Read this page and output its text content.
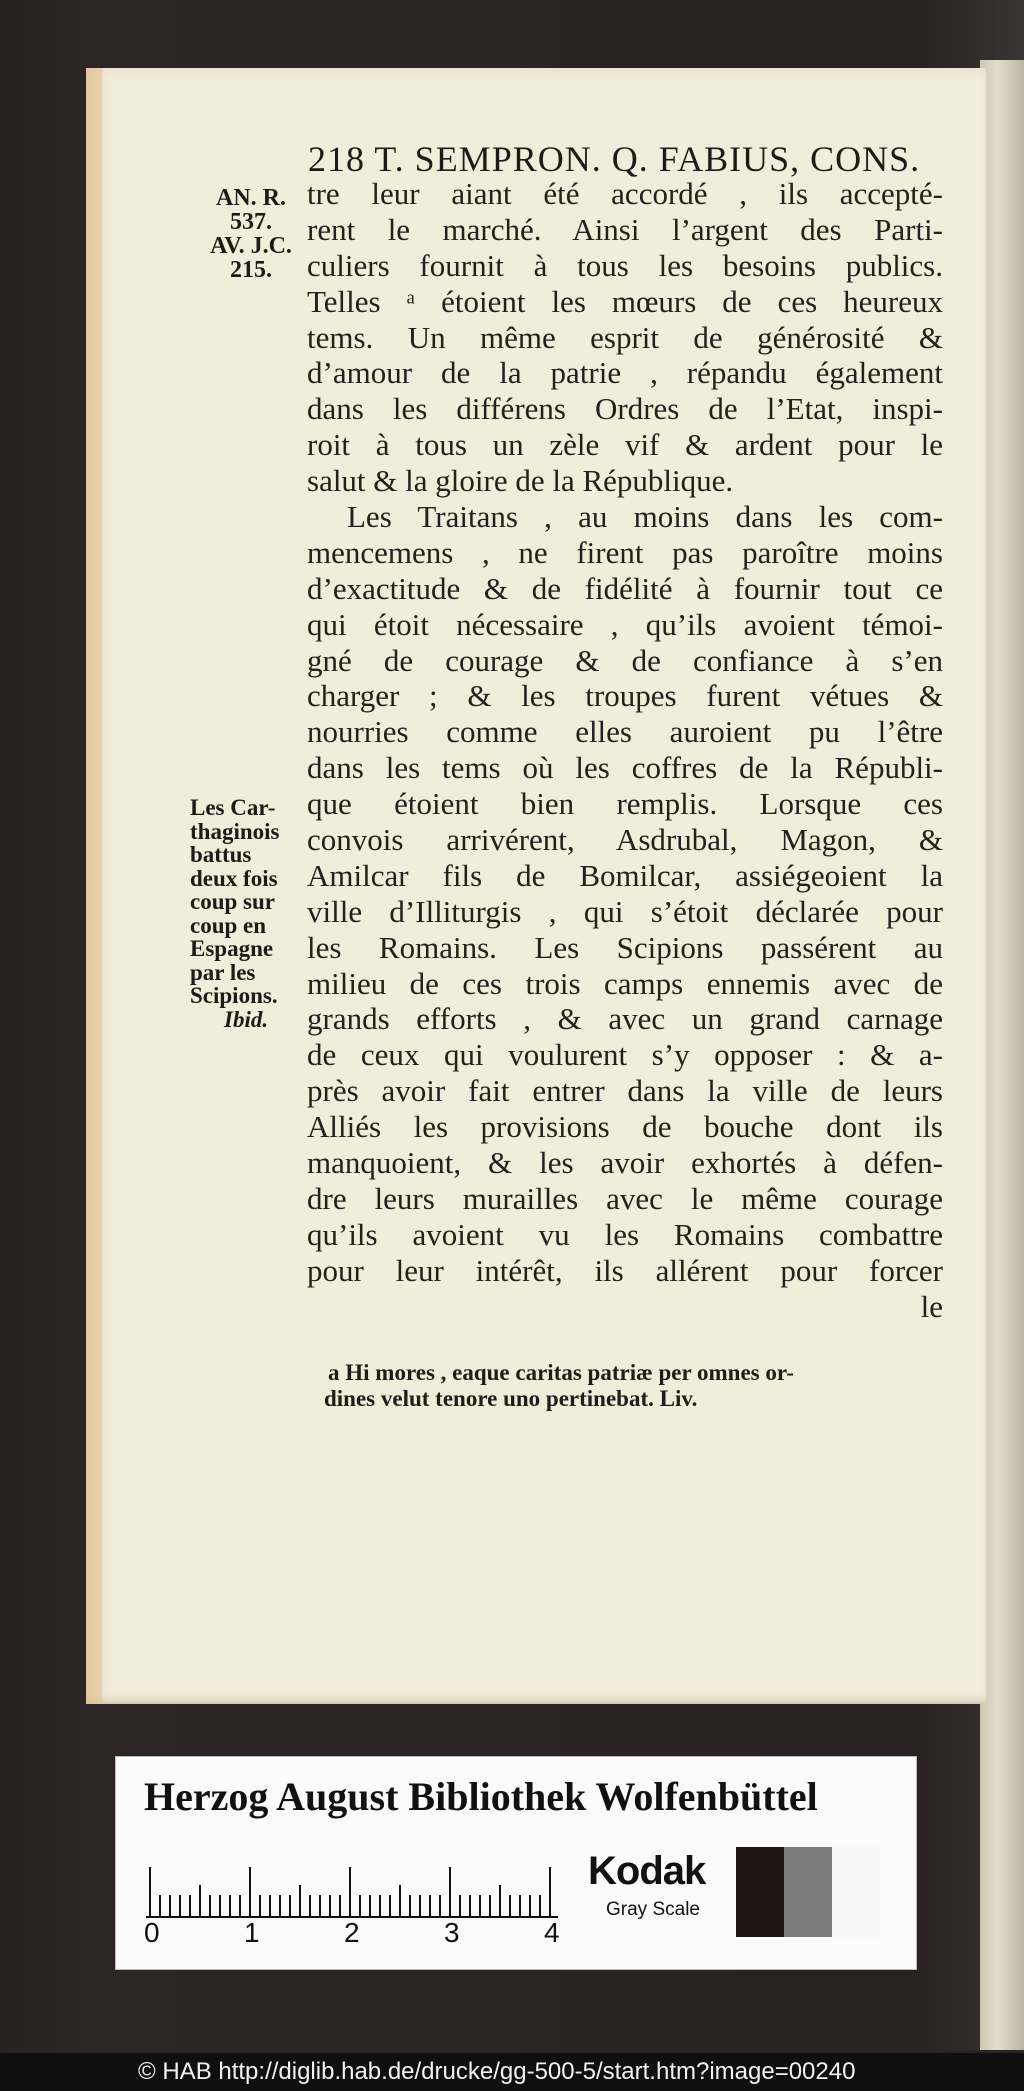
218 T. SEMPRON. Q. FABIUS, CONS.
AN. R.
537.
AV. J.C.
215.
tre leur aiant été accordé , ils accepté-
rent le marché. Ainsi l’argent des Parti-
culiers fournit à tous les besoins publics.
Telles ᵃ étoient les mœurs de ces heureux
tems. Un même esprit de générosité &
d’amour de la patrie , répandu également
dans les différens Ordres de l’Etat, inspi-
roit à tous un zèle vif & ardent pour le
salut & la gloire de la République.
Les Traitans , au moins dans les com-
mencemens , ne firent pas paroître moins
d’exactitude & de fidélité à fournir tout ce
qui étoit nécessaire , qu’ils avoient témoi-
gné de courage & de confiance à s’en
charger ; & les troupes furent vétues &
nourries comme elles auroient pu l’être
dans les tems où les coffres de la Républi-
que étoient bien remplis. Lorsque ces
convois arrivérent, Asdrubal, Magon, &
Amilcar fils de Bomilcar, assiégeoient la
ville d’Illiturgis , qui s’étoit déclarée pour
les Romains. Les Scipions passérent au
milieu de ces trois camps ennemis avec de
grands efforts , & avec un grand carnage
de ceux qui voulurent s’y opposer : & a-
près avoir fait entrer dans la ville de leurs
Alliés les provisions de bouche dont ils
manquoient, & les avoir exhortés à défen-
dre leurs murailles avec le même courage
qu’ils avoient vu les Romains combattre
pour leur intérêt, ils allérent pour forcer
le
Les Car-
thaginois
battus
deux fois
coup sur
coup en
Espagne
par les
Scipions.
Ibid.
a Hi mores , eaque caritas patriæ per omnes or-
dines velut tenore uno pertinebat. Liv.
Herzog August Bibliothek Wolfenbüttel
0	1	2	3	4
Kodak
Gray Scale
© HAB http://diglib.hab.de/drucke/gg-500-5/start.htm?image=00240
